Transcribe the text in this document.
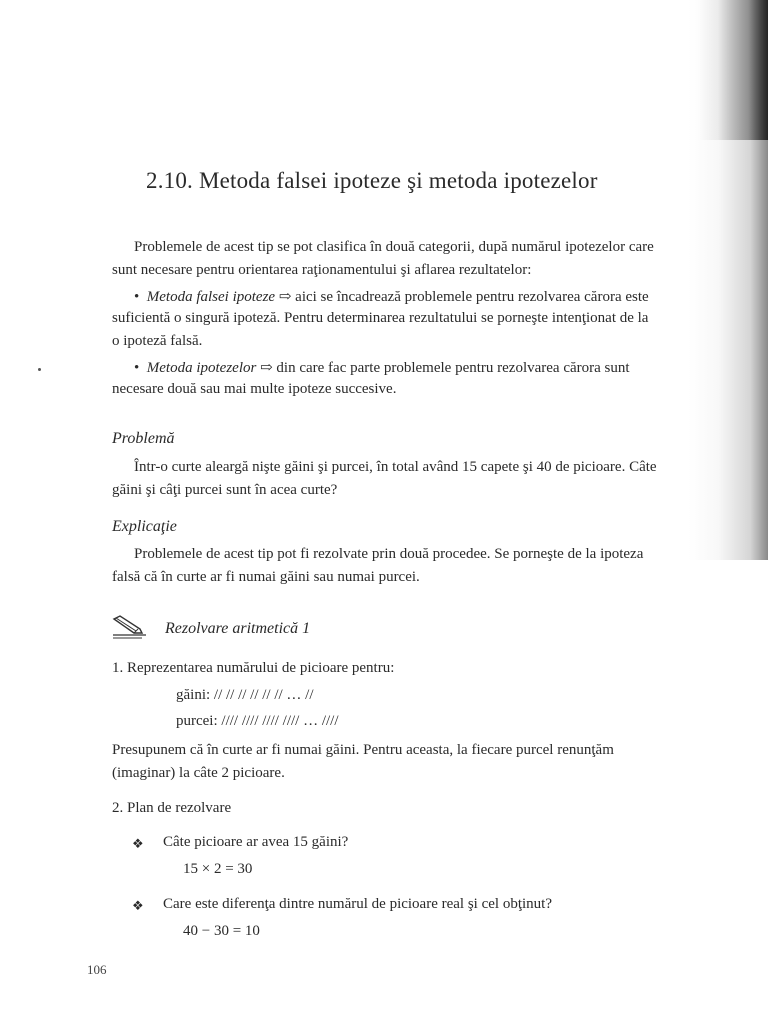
2.10. Metoda falsei ipoteze şi metoda ipotezelor
Problemele de acest tip se pot clasifica în două categorii, după numărul ipotezelor care
sunt necesare pentru orientarea raţionamentului şi aflarea rezultatelor:
• Metoda falsei ipoteze ⇨ aici se încadrează problemele pentru rezolvarea cărora este
suficientă o singură ipoteză. Pentru determinarea rezultatului se porneşte intenţionat de la
o ipoteză falsă.
• Metoda ipotezelor ⇨ din care fac parte problemele pentru rezolvarea cărora sunt
necesare două sau mai multe ipoteze succesive.
Problemă
Într-o curte aleargă nişte găini şi purcei, în total având 15 capete şi 40 de picioare. Câte
găini şi câţi purcei sunt în acea curte?
Explicaţie
Problemele de acest tip pot fi rezolvate prin două procedee. Se porneşte de la ipoteza
falsă că în curte ar fi numai găini sau numai purcei.
Rezolvare aritmetică 1
1. Reprezentarea numărului de picioare pentru:
găini: // // // // // // … //
purcei: //// //// //// //// … ////
Presupunem că în curte ar fi numai găini. Pentru aceasta, la fiecare purcel renunţăm
(imaginar) la câte 2 picioare.
2. Plan de rezolvare
❖ Câte picioare ar avea 15 găini?
15 × 2 = 30
❖ Care este diferenţa dintre numărul de picioare real şi cel obţinut?
40 − 30 = 10
106
